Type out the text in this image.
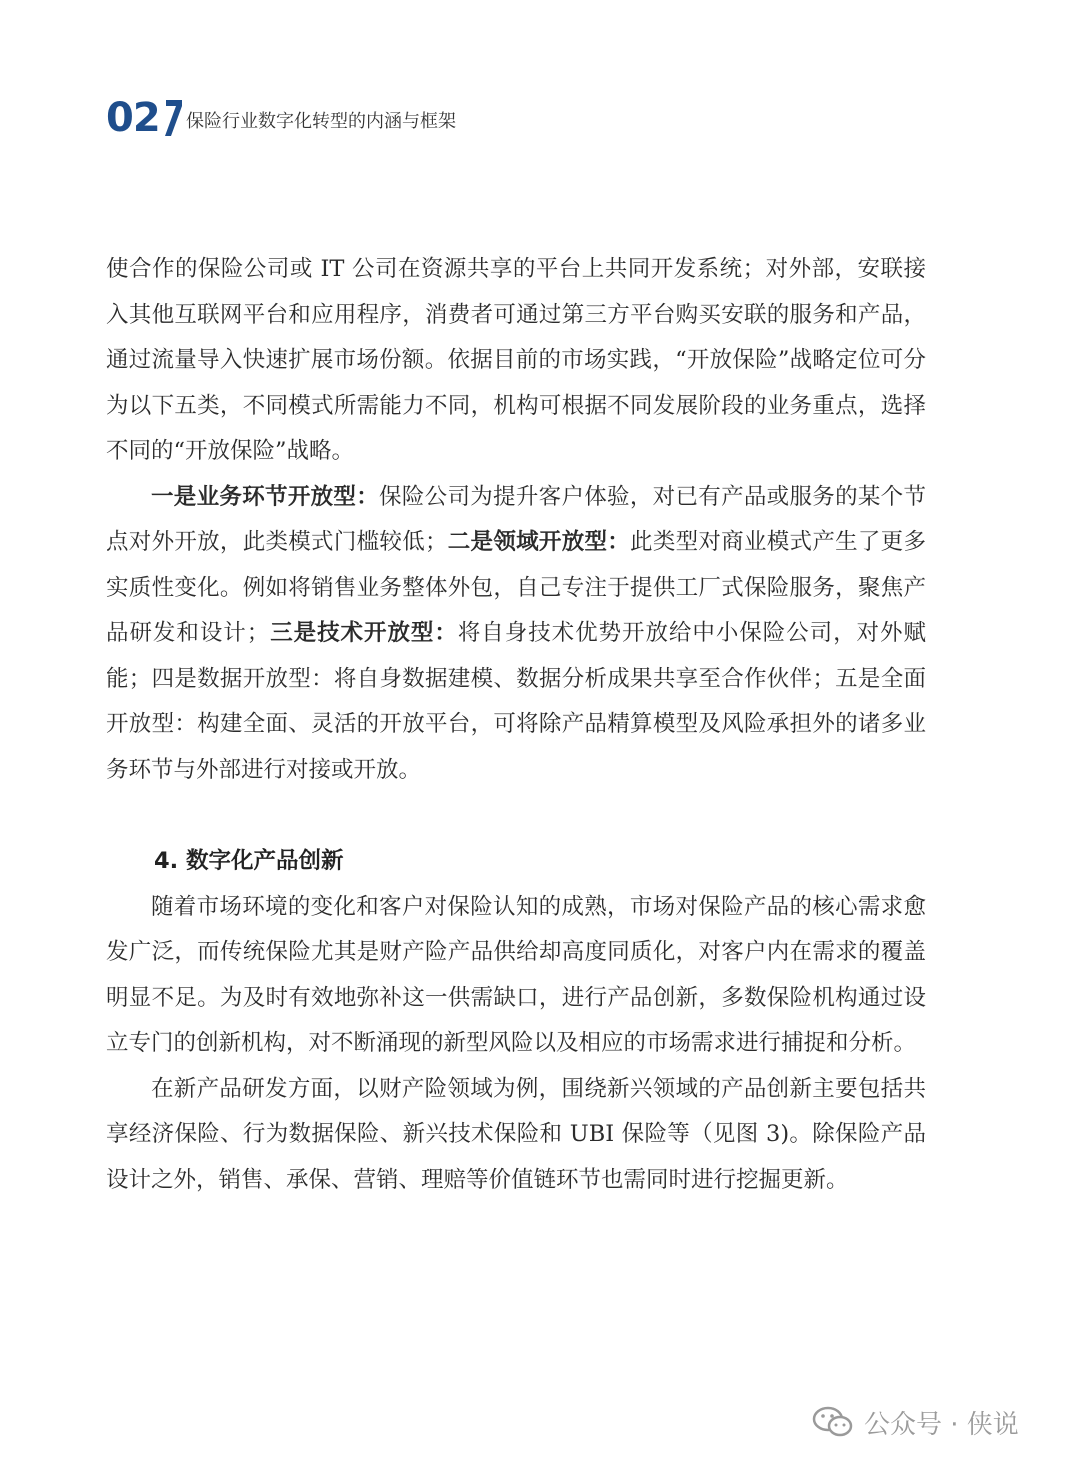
02 保险行业数字化转型的内涵与框架

使合作的保险公司或 IT 公司在资源共享的平台上共同开发系统；对外部，安联接入其他互联网平台和应用程序，消费者可通过第三方平台购买安联的服务和产品，通过流量导入快速扩展市场份额。依据目前的市场实践，“开放保险”战略定位可分为以下五类，不同模式所需能力不同，机构可根据不同发展阶段的业务重点，选择不同的“开放保险”战略。

一是业务环节开放型：保险公司为提升客户体验，对已有产品或服务的某个节点对外开放，此类模式门槛较低；二是领域开放型：此类型对商业模式产生了更多实质性变化。例如将销售业务整体外包，自己专注于提供工厂式保险服务，聚焦产品研发和设计；三是技术开放型：将自身技术优势开放给中小保险公司，对外赋能；四是数据开放型：将自身数据建模、数据分析成果共享至合作伙伴；五是全面开放型：构建全面、灵活的开放平台，可将除产品精算模型及风险承担外的诸多业务环节与外部进行对接或开放。

4. 数字化产品创新

随着市场环境的变化和客户对保险认知的成熟，市场对保险产品的核心需求愈发广泛，而传统保险尤其是财产险产品供给却高度同质化，对客户内在需求的覆盖明显不足。为及时有效地弥补这一供需缺口，进行产品创新，多数保险机构通过设立专门的创新机构，对不断涌现的新型风险以及相应的市场需求进行捕捉和分析。

在新产品研发方面，以财产险领域为例，围绕新兴领域的产品创新主要包括共享经济保险、行为数据保险、新兴技术保险和 UBI 保险等（见图 3)。除保险产品设计之外，销售、承保、营销、理赔等价值链环节也需同时进行挖掘更新。

公众号 · 侠说
